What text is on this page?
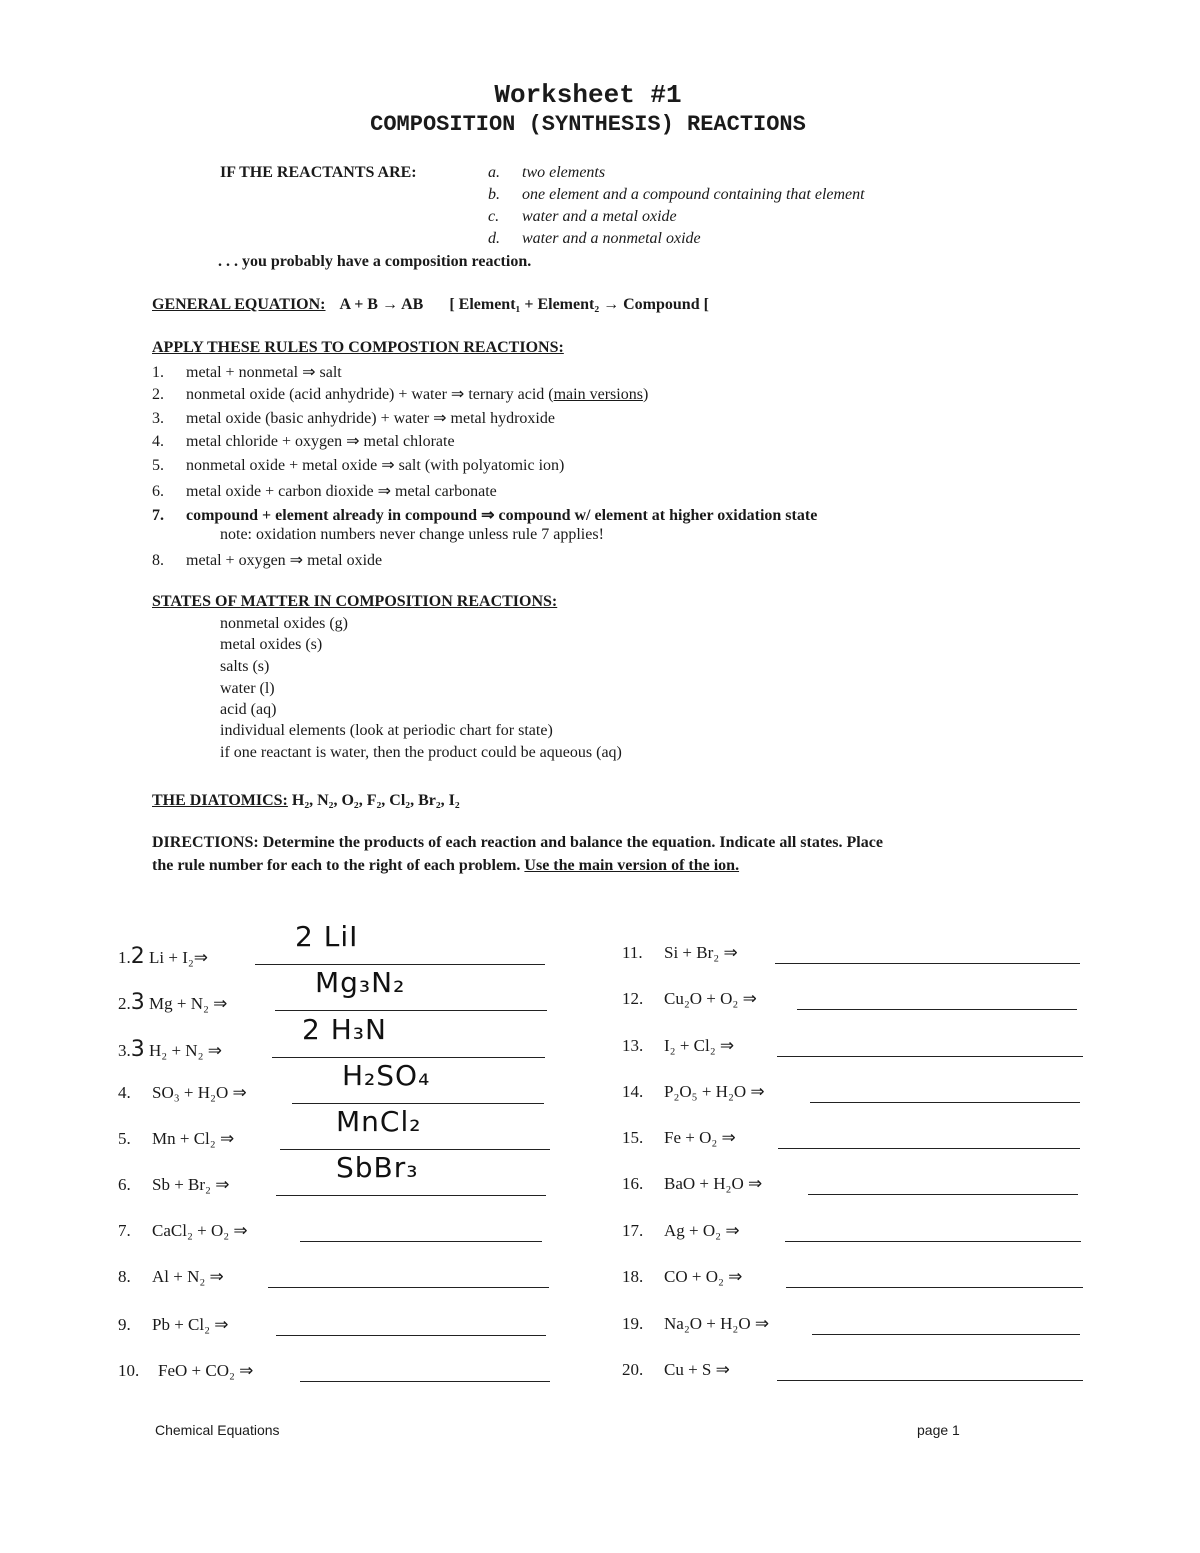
Worksheet #1
COMPOSITION (SYNTHESIS) REACTIONS
IF THE REACTANTS ARE:	a. two elements
b. one element and a compound containing that element
c. water and a metal oxide
d. water and a nonmetal oxide
. . . you probably have a composition reaction.
GENERAL EQUATION: A + B → AB [ Element₁ + Element₂ → Compound [
APPLY THESE RULES TO COMPOSTION REACTIONS:
1. metal + nonmetal ⇒ salt
2. nonmetal oxide (acid anhydride) + water ⇒ ternary acid (main versions)
3. metal oxide (basic anhydride) + water ⇒ metal hydroxide
4. metal chloride + oxygen ⇒ metal chlorate
5. nonmetal oxide + metal oxide ⇒ salt (with polyatomic ion)
6. metal oxide + carbon dioxide ⇒ metal carbonate
7. compound + element already in compound ⇒ compound w/ element at higher oxidation state
note: oxidation numbers never change unless rule 7 applies!
8. metal + oxygen ⇒ metal oxide
STATES OF MATTER IN COMPOSITION REACTIONS:
nonmetal oxides (g)
metal oxides (s)
salts (s)
water (l)
acid (aq)
individual elements (look at periodic chart for state)
if one reactant is water, then the product could be aqueous (aq)
THE DIATOMICS: H₂, N₂, O₂, F₂, Cl₂, Br₂, I₂
DIRECTIONS: Determine the products of each reaction and balance the equation. Indicate all states. Place
the rule number for each to the right of each problem. Use the main version of the ion.
1.2 Li + I₂⇒
2 LiI
2.3 Mg + N₂ ⇒
Mg₃N₂
3.3 H₂ + N₂ ⇒
2 H₃N
4. SO₃ + H₂O ⇒
H₂SO₄
5. Mn + Cl₂ ⇒
MnCl₂
6. Sb + Br₂ ⇒
SbBr₃
7. CaCl₂ + O₂ ⇒
8. Al + N₂ ⇒
9. Pb + Cl₂ ⇒
10. FeO + CO₂ ⇒
11. Si + Br₂ ⇒
12. Cu₂O + O₂ ⇒
13. I₂ + Cl₂ ⇒
14. P₂O₅ + H₂O ⇒
15. Fe + O₂ ⇒
16. BaO + H₂O ⇒
17. Ag + O₂ ⇒
18. CO + O₂ ⇒
19. Na₂O + H₂O ⇒
20. Cu + S ⇒
Chemical Equations	page 1
